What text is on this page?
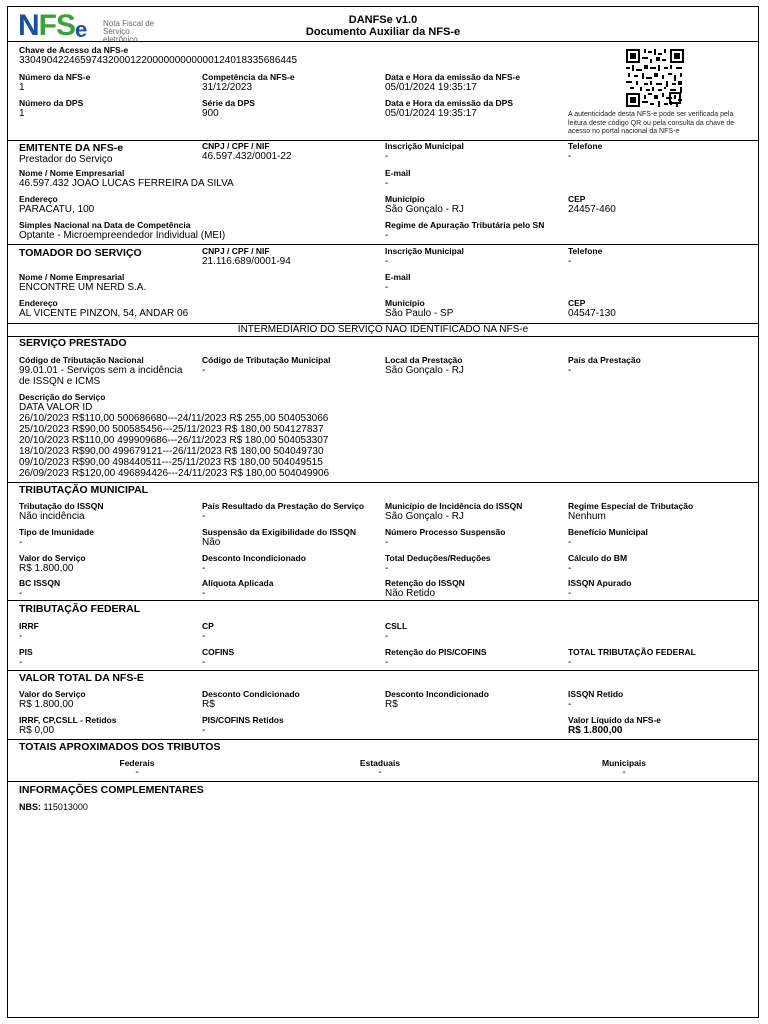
NFSe Nota Fiscal de
Serviço eletrônico
DANFSe v1.0
Documento Auxiliar da NFS-e
Chave de Acesso da NFS-e
33049042246597432000122000000000000124018335686445
Número da NFS-e
1
Competência da NFS-e
31/12/2023
Data e Hora da emissão da NFS-e
05/01/2024 19:35:17
Número da DPS
1
Série da DPS
900
Data e Hora da emissão da DPS
05/01/2024 19:35:17	A autenticidade desta NFS-e pode ser verificada pela leitura deste código QR ou pela consulta da chave de acesso no portal nacional da NFS-e
EMITENTE DA NFS-e
Prestador do Serviço
CNPJ / CPF / NIF
46.597.432/0001-22
Inscrição Municipal
-
Telefone
-
Nome / Nome Empresarial
46.597.432 JOAO LUCAS FERREIRA DA SILVA
E-mail
-
Endereço
PARACATU, 100
Município
São Gonçalo - RJ
CEP
24457-460
Simples Nacional na Data de Competência
Optante - Microempreendedor Individual (MEI)
Regime de Apuração Tributária pelo SN
-
TOMADOR DO SERVIÇO	CNPJ / CPF / NIF
21.116.689/0001-94
Inscrição Municipal
-
Telefone
-
Nome / Nome Empresarial
ENCONTRE UM NERD S.A.
E-mail
-
Endereço
AL VICENTE PINZON, 54, ANDAR 06
Município
São Paulo - SP
CEP
04547-130
INTERMEDIÁRIO DO SERVIÇO NÃO IDENTIFICADO NA NFS-e
SERVIÇO PRESTADO
Código de Tributação Nacional
99.01.01 - Serviços sem a incidência
de ISSQN e ICMS
Código de Tributação Municipal
-
Local da Prestação
São Gonçalo - RJ
País da Prestação
-
Descrição do Serviço
DATA VALOR ID
26/10/2023 R$110,00 500686680---24/11/2023 R$ 255,00 504053066
25/10/2023 R$90,00 500585456---25/11/2023 R$ 180,00 504127837
20/10/2023 R$110,00 499909686---26/11/2023 R$ 180,00 504053307
18/10/2023 R$90,00 499679121---26/11/2023 R$ 180,00 504049730
09/10/2023 R$90,00 498440511---25/11/2023 R$ 180,00 504049515
26/09/2023 R$120,00 496894426---24/11/2023 R$ 180,00 504049906
TRIBUTAÇÃO MUNICIPAL
Tributação do ISSQN
Não incidência
País Resultado da Prestação do Serviço
-
Município de Incidência do ISSQN
São Gonçalo - RJ
Regime Especial de Tributação
Nenhum
Tipo de Imunidade
-
Suspensão da Exigibilidade do ISSQN
Não
Número Processo Suspensão
-
Benefício Municipal
-
Valor do Serviço
R$ 1.800,00
Desconto Incondicionado
-
Total Deduções/Reduções
-
Cálculo do BM
-
BC ISSQN
-
Alíquota Aplicada
-
Retenção do ISSQN
Não Retido
ISSQN Apurado
-
TRIBUTAÇÃO FEDERAL
IRRF
-
CP
-
CSLL
-
PIS
-
COFINS
-
Retenção do PIS/COFINS
-
TOTAL TRIBUTAÇÃO FEDERAL
-
VALOR TOTAL DA NFS-E
Valor do Serviço
R$ 1.800,00
Desconto Condicionado
R$
Desconto Incondicionado
R$
ISSQN Retido
-
IRRF, CP,CSLL - Retidos
R$ 0,00
PIS/COFINS Retidos
-
Valor Líquido da NFS-e
R$ 1.800,00
TOTAIS APROXIMADOS DOS TRIBUTOS
Federais
-
Estaduais
-
Municipais
-
INFORMAÇÕES COMPLEMENTARES
NBS: 115013000
